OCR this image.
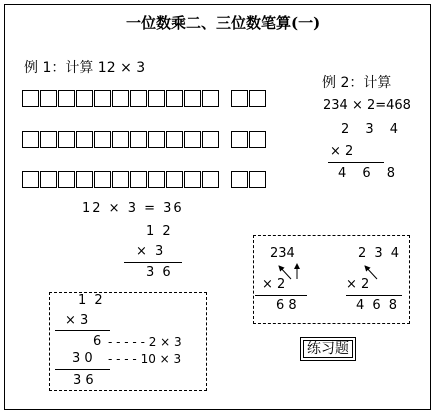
一位数乘二、三位数笔算(一)
例 1：计算 12 × 3
12 × 3 = 36
1 2
× 3
3 6
1 2
× 3
6 - - - - - 2 × 3
3 0 - - - - 10 × 3
3 6
例 2：计算
234 × 2=468
2 3 4
× 2
4 6 8
234
× 2
6 8
2 3 4
× 2
4 6 8
练习题
